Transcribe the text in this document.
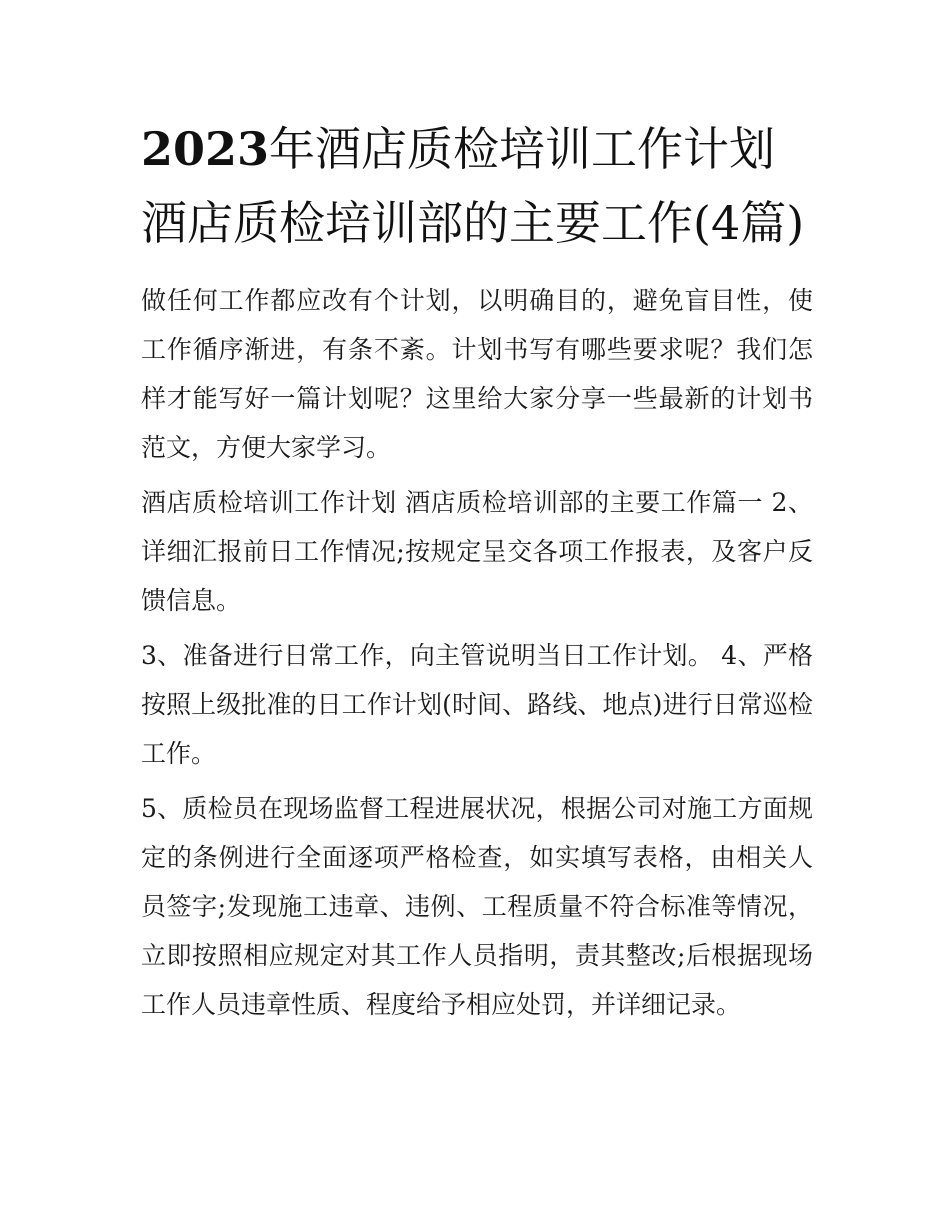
2023年酒店质检培训工作计划 酒店质检培训部的主要工作(4篇)

做任何工作都应改有个计划，以明确目的，避免盲目性，使工作循序渐进，有条不紊。计划书写有哪些要求呢？我们怎样才能写好一篇计划呢？这里给大家分享一些最新的计划书范文，方便大家学习。

酒店质检培训工作计划 酒店质检培训部的主要工作篇一 2、详细汇报前日工作情况;按规定呈交各项工作报表，及客户反馈信息。

3、准备进行日常工作，向主管说明当日工作计划。 4、严格按照上级批准的日工作计划(时间、路线、地点)进行日常巡检工作。

5、质检员在现场监督工程进展状况，根据公司对施工方面规定的条例进行全面逐项严格检查，如实填写表格，由相关人员签字;发现施工违章、违例、工程质量不符合标准等情况，立即按照相应规定对其工作人员指明，责其整改;后根据现场工作人员违章性质、程度给予相应处罚，并详细记录。
